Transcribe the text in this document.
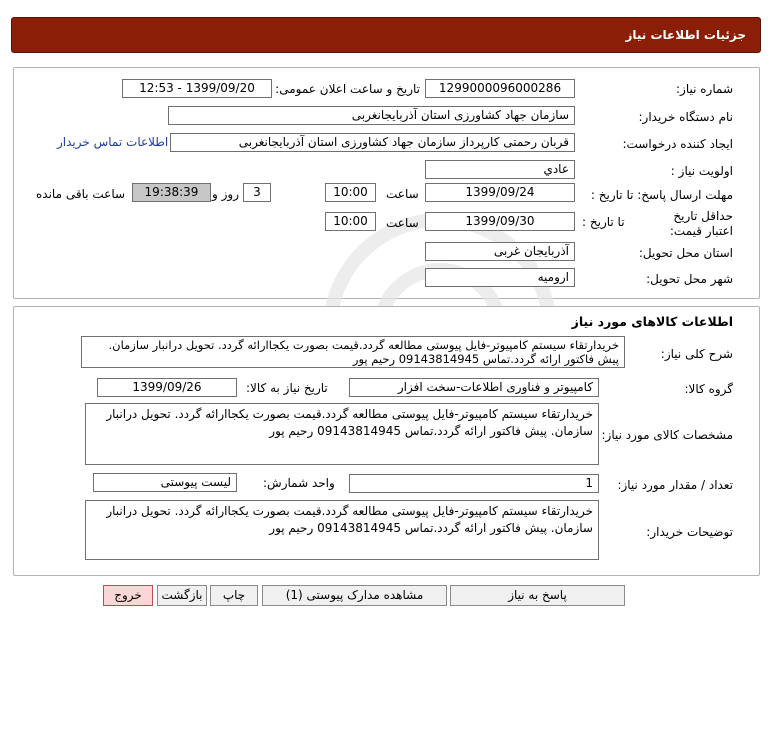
جزئیات اطلاعات نیاز
شماره نیاز:
1299000096000286
تاریخ و ساعت اعلان عمومی:
1399/09/20 - 12:53
نام دستگاه خریدار:
سازمان جهاد کشاورزی استان آذربایجانغربی
ایجاد کننده درخواست:
قربان رحمتی کارپرداز سازمان جهاد کشاورزی استان آذربایجانغربی
اطلاعات تماس خریدار
اولویت نیاز :
عادي
مهلت ارسال پاسخ: تا تاریخ :
1399/09/24
ساعت
10:00
3
روز و
19:38:39
ساعت باقی مانده
حداقل تاریخ اعتبار قیمت:
تا تاریخ :
1399/09/30
ساعت
10:00
استان محل تحویل:
آذربایجان غربی
شهر محل تحویل:
ارومیه
اطلاعات کالاهای مورد نیاز
شرح کلی نیاز:
خریدارتقاء سیستم کامپیوتر-فایل پیوستی مطالعه گردد.قیمت بصورت یکجاارائه گردد. تحویل درانبار سازمان. پیش فاکتور ارائه گردد.تماس 09143814945 رحیم پور
گروه کالا:
کامپیوتر و فناوری اطلاعات-سخت افزار
تاریخ نیاز به کالا:
1399/09/26
مشخصات کالای مورد نیاز:
خریدارتقاء سیستم کامپیوتر-فایل پیوستی مطالعه گردد.قیمت بصورت یکجاارائه گردد. تحویل درانبار سازمان. پیش فاکتور ارائه گردد.تماس 09143814945 رحیم پور
تعداد / مقدار مورد نیاز:
1
واحد شمارش:
لیست پیوستی
توضیحات خریدار:
خریدارتقاء سیستم کامپیوتر-فایل پیوستی مطالعه گردد.قیمت بصورت یکجاارائه گردد. تحویل درانبار سازمان. پیش فاکتور ارائه گردد.تماس 09143814945 رحیم پور
پاسخ به نیاز
مشاهده مدارک پیوستی (1)
چاپ
بازگشت
خروج
